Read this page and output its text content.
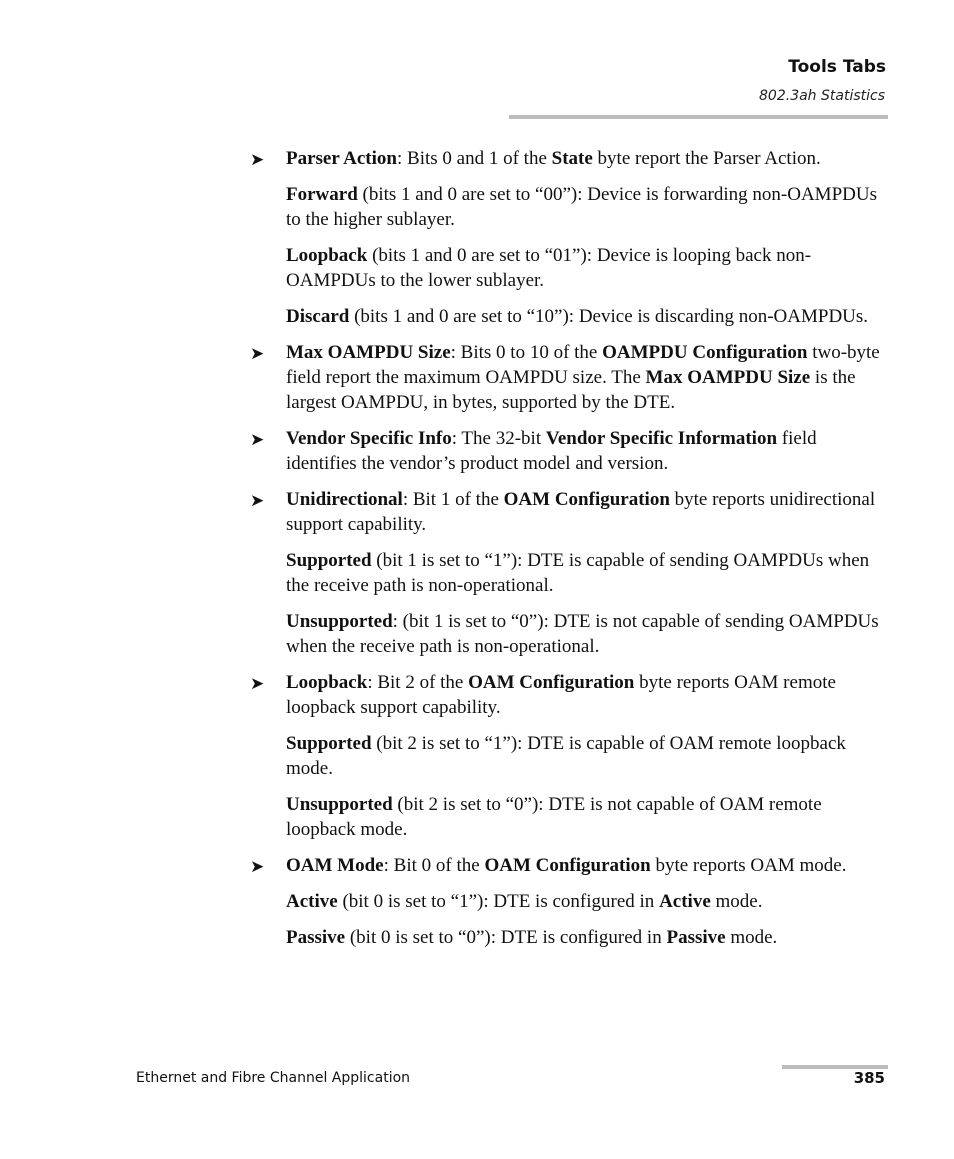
Tools Tabs
802.3ah Statistics
➤ Parser Action: Bits 0 and 1 of the State byte report the Parser Action.
Forward (bits 1 and 0 are set to “00”): Device is forwarding non-OAMPDUs to the higher sublayer.
Loopback (bits 1 and 0 are set to “01”): Device is looping back non-OAMPDUs to the lower sublayer.
Discard (bits 1 and 0 are set to “10”): Device is discarding non-OAMPDUs.
➤ Max OAMPDU Size: Bits 0 to 10 of the OAMPDU Configuration two-byte field report the maximum OAMPDU size. The Max OAMPDU Size is the largest OAMPDU, in bytes, supported by the DTE.
➤ Vendor Specific Info: The 32-bit Vendor Specific Information field identifies the vendor’s product model and version.
➤ Unidirectional: Bit 1 of the OAM Configuration byte reports unidirectional support capability.
Supported (bit 1 is set to “1”): DTE is capable of sending OAMPDUs when the receive path is non-operational.
Unsupported: (bit 1 is set to “0”): DTE is not capable of sending OAMPDUs when the receive path is non-operational.
➤ Loopback: Bit 2 of the OAM Configuration byte reports OAM remote loopback support capability.
Supported (bit 2 is set to “1”): DTE is capable of OAM remote loopback mode.
Unsupported (bit 2 is set to “0”): DTE is not capable of OAM remote loopback mode.
➤ OAM Mode: Bit 0 of the OAM Configuration byte reports OAM mode.
Active (bit 0 is set to “1”): DTE is configured in Active mode.
Passive (bit 0 is set to “0”): DTE is configured in Passive mode.
Ethernet and Fibre Channel Application	385
